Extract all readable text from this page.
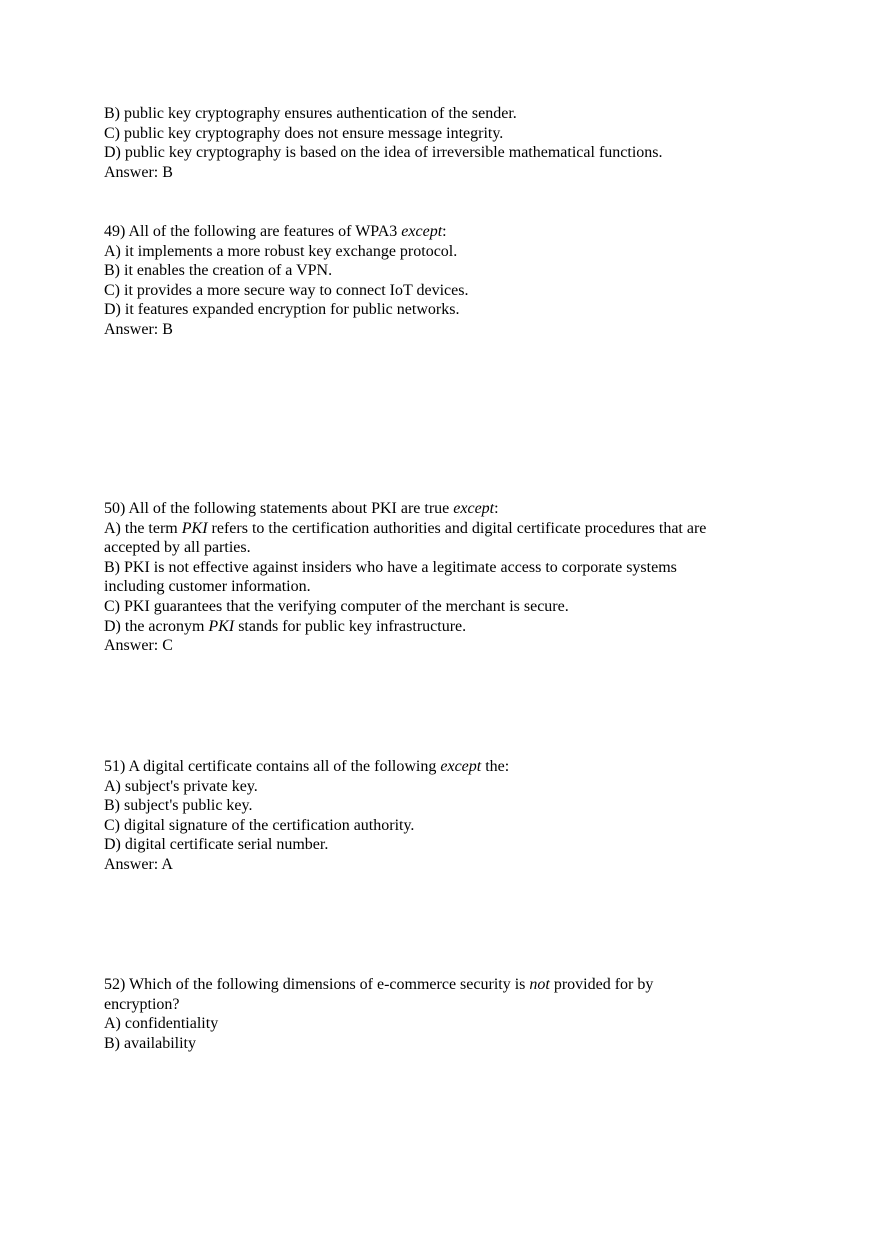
B) public key cryptography ensures authentication of the sender.
C) public key cryptography does not ensure message integrity.
D) public key cryptography is based on the idea of irreversible mathematical functions.
Answer: B
49) All of the following are features of WPA3 except:
A) it implements a more robust key exchange protocol.
B) it enables the creation of a VPN.
C) it provides a more secure way to connect IoT devices.
D) it features expanded encryption for public networks.
Answer: B
50) All of the following statements about PKI are true except:
A) the term PKI refers to the certification authorities and digital certificate procedures that are
accepted by all parties.
B) PKI is not effective against insiders who have a legitimate access to corporate systems
including customer information.
C) PKI guarantees that the verifying computer of the merchant is secure.
D) the acronym PKI stands for public key infrastructure.
Answer: C
51) A digital certificate contains all of the following except the:
A) subject's private key.
B) subject's public key.
C) digital signature of the certification authority.
D) digital certificate serial number.
Answer: A
52) Which of the following dimensions of e-commerce security is not provided for by
encryption?
A) confidentiality
B) availability
